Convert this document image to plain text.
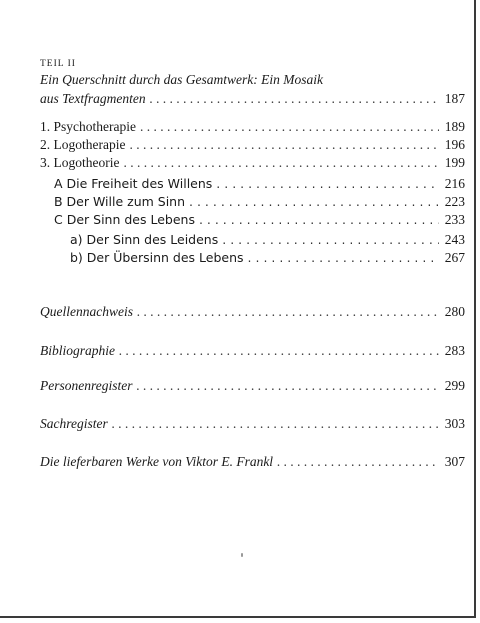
TEIL II
Ein Querschnitt durch das Gesamtwerk: Ein Mosaik
aus Textfragmenten . . .	187
1. Psychotherapie . . .	189
2. Logotherapie . . .	196
3. Logotheorie . . .	199
A Die Freiheit des Willens . . .	216
B Der Wille zum Sinn . . .	223
C Der Sinn des Lebens . . .	233
a) Der Sinn des Leidens . . .	243
b) Der Übersinn des Lebens . . .	267
Quellennachweis . . .	280
Bibliographie . . .	283
Personenregister . . .	299
Sachregister . . .	303
Die lieferbaren Werke von Viktor E. Frankl . . .	307
